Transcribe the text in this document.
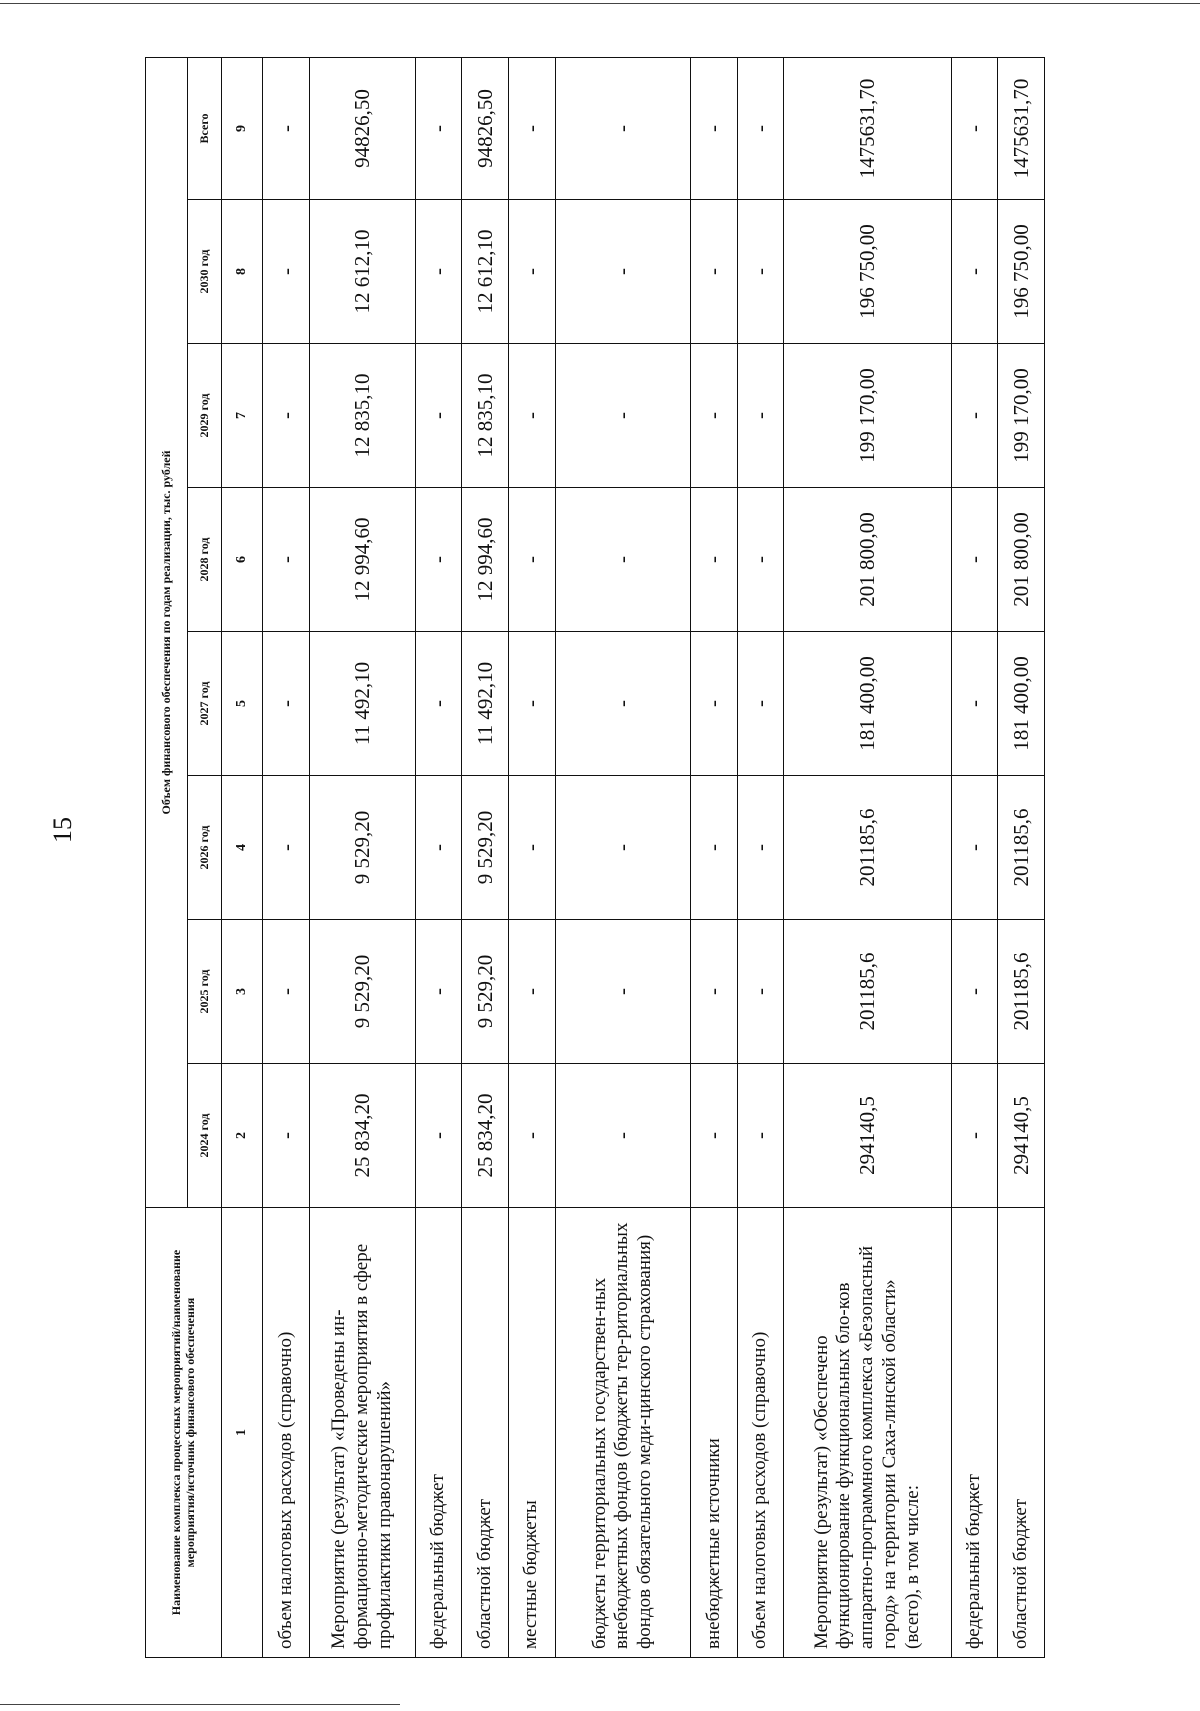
15
Наименование комплекса процессных мероприятий/наименование мероприятия/источник финансового обеспечения	Объем финансового обеспечения по годам реализации, тыс. рублей							
	2024 год	2025 год	2026 год	2027 год	2028 год	2029 год	2030 год	Всего
1	2	3	4	5	6	7	8	9
объем налоговых расходов (справочно)	-	-	-	-	-	-	-	-
Мероприятие (результат) «Проведены ин-формационно-методические мероприятия в сфере профилактики правонарушений»	25 834,20	9 529,20	9 529,20	11 492,10	12 994,60	12 835,10	12 612,10	94826,50
федеральный бюджет	-	-	-	-	-	-	-	-
областной бюджет	25 834,20	9 529,20	9 529,20	11 492,10	12 994,60	12 835,10	12 612,10	94826,50
местные бюджеты	-	-	-	-	-	-	-	-
бюджеты территориальных государствен-ных внебюджетных фондов (бюджеты тер-риториальных фондов обязательного меди-цинского страхования)	-	-	-	-	-	-	-	-
внебюджетные источники	-	-	-	-	-	-	-	-
объем налоговых расходов (справочно)	-	-	-	-	-	-	-	-
Мероприятие (результат) «Обеспечено функционирование функциональных бло-ков аппаратно-программного комплекса «Безопасный город» на территории Саха-линской области» (всего), в том числе:	294140,5	201185,6	201185,6	181 400,00	201 800,00	199 170,00	196 750,00	1475631,70
федеральный бюджет	-	-	-	-	-	-	-	-
областной бюджет	294140,5	201185,6	201185,6	181 400,00	201 800,00	199 170,00	196 750,00	1475631,70
